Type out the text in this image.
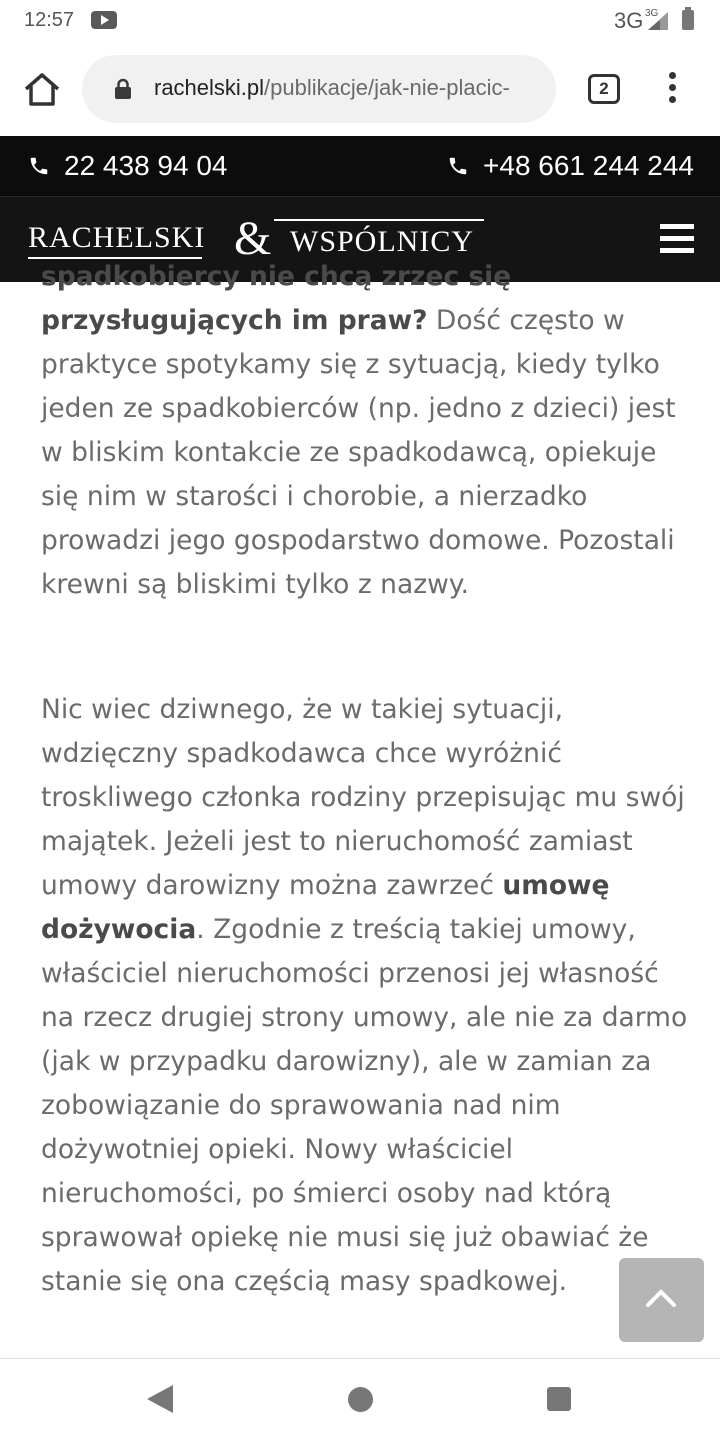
12:57	3G 3G
rachelski.pl/publikacje/jak-nie-placic-	2
22 438 94 04	+48 661 244 244
RACHELSKI & WSPÓLNICY

spadkobiercy nie chcą zrzec się przysługujących im praw? Dość często w praktyce spotykamy się z sytuacją, kiedy tylko jeden ze spadkobierców (np. jedno z dzieci) jest w bliskim kontakcie ze spadkodawcą, opiekuje się nim w starości i chorobie, a nierzadko prowadzi jego gospodarstwo domowe. Pozostali krewni są bliskimi tylko z nazwy.

Nic wiec dziwnego, że w takiej sytuacji, wdzięczny spadkodawca chce wyróżnić troskliwego członka rodziny przepisując mu swój majątek. Jeżeli jest to nieruchomość zamiast umowy darowizny można zawrzeć umowę dożywocia. Zgodnie z treścią takiej umowy, właściciel nieruchomości przenosi jej własność na rzecz drugiej strony umowy, ale nie za darmo (jak w przypadku darowizny), ale w zamian za zobowiązanie do sprawowania nad nim dożywotniej opieki. Nowy właściciel nieruchomości, po śmierci osoby nad którą sprawował opiekę nie musi się już obawiać że stanie się ona częścią masy spadkowej.
